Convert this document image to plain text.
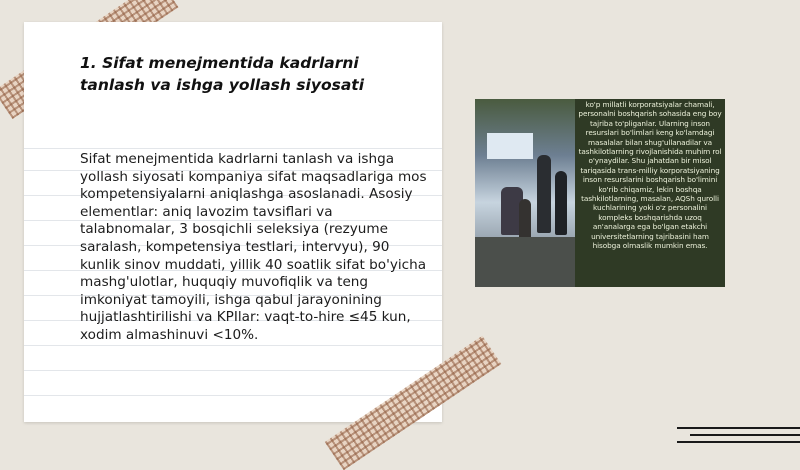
1. Sifat menejmentida kadrlarni tanlash va ishga yollash siyosati

Sifat menejmentida kadrlarni tanlash va ishga yollash siyosati kompaniya sifat maqsadlariga mos kompetensiyalarni aniqlashga asoslanadi. Asosiy elementlar: aniq lavozim tavsiflari va talabnomalar, 3 bosqichli seleksiya (rezyume saralash, kompetensiya testlari, intervyu), 90 kunlik sinov muddati, yillik 40 soatlik sifat bo'yicha mashg'ulotlar, huquqiy muvofiqlik va teng imkoniyat tamoyili, ishga qabul jarayonining hujjatlashtirilishi va KPIlar: vaqt-to-hire ≤45 kun, xodim almashinuvi <10%.

ko'p millatli korporatsiyalar chamali, personalni boshqarish sohasida eng boy tajriba to'pliganlar. Ularning inson resurslari bo'limlari keng ko'lamdagi masalalar bilan shug'ullanadilar va tashkilotlarning rivojlanishida muhim rol o'ynaydilar. Shu jahatdan bir misol tariqasida trans-milliy korporatsiyaning inson resurslarini boshqarish bo'limini ko'rib chiqamiz, lekin boshqa tashkilotlarning, masalan, AQSh qurolli kuchlarining yoki o'z personalini kompleks boshqarishda uzoq an'analarga ega bo'lgan etakchi universitetlarning tajribasini ham hisobga olmaslik mumkin emas.
